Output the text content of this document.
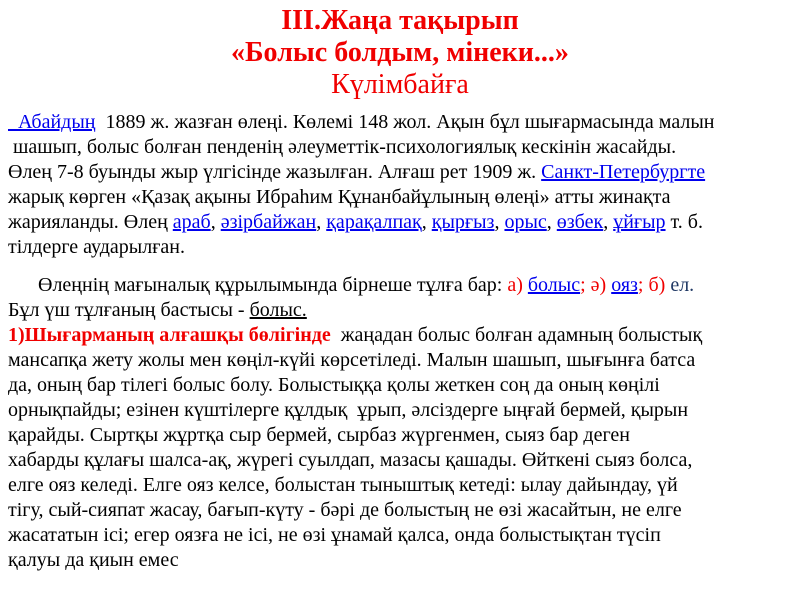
ІІІ.Жаңа тақырып
«Болыс болдым, мінеки...»
Күлімбайға
Абайдың  1889 ж. жазған өлеңі. Көлемі 148 жол. Ақын бұл шығармасында малын
шашып, болыс болған пенденің әлеуметтік-психологиялық кескінін жасайды.
Өлең 7-8 буынды жыр үлгісінде жазылған. Алғаш рет 1909 ж. Санкт-Петербургте
жарық көрген «Қазақ ақыны Ибраһим Құнанбайұлының өлеңі» атты жинақта
жарияланды. Өлең араб, әзірбайжан, қарақалпақ, қырғыз, орыс, өзбек, ұйғыр т. б.
тілдерге аударылған.
Өлеңнің мағыналық құрылымында бірнеше тұлға бар: а) болыс; ә) ояз; б) ел.
Бұл үш тұлғаның бастысы - болыс.
1)Шығарманың алғашқы бөлігінде  жаңадан болыс болған адамның болыстық
мансапқа жету жолы мен көңіл-күйі көрсетіледі. Малын шашып, шығынға батса
да, оның бар тілегі болыс болу. Болыстыққа қолы жеткен соң да оның көңілі
орнықпайды; езінен күштілерге құлдық  ұрып, әлсіздерге ыңғай бермей, қырын
қарайды. Сыртқы жұртқа сыр бермей, сырбаз жүргенмен, сыяз бар деген
хабарды құлағы шалса-ақ, жүрегі суылдап, мазасы қашады. Өйткені сыяз болса,
елге ояз келеді. Елге ояз келсе, болыстан тыныштық кетеді: ылау дайындау, үй
тігу, сый-сияпат жасау, бағып-күту - бәрі де болыстың не өзі жасайтын, не елге
жасататын ісі; егер оязға не ісі, не өзі ұнамай қалса, онда болыстықтан түсіп
қалуы да қиын емес
